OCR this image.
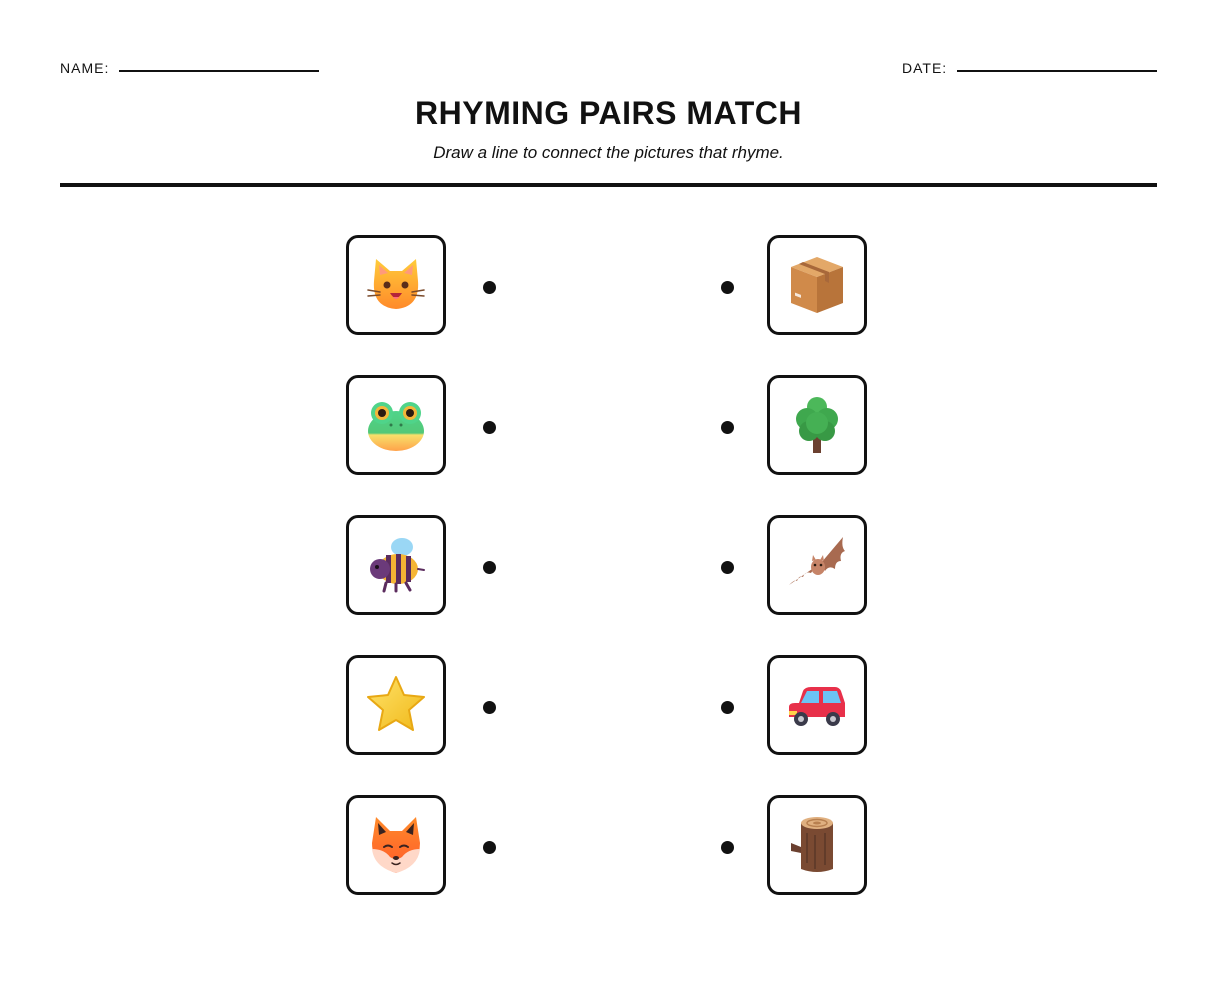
NAME:	DATE:
RHYMING PAIRS MATCH
Draw a line to connect the pictures that rhyme.
